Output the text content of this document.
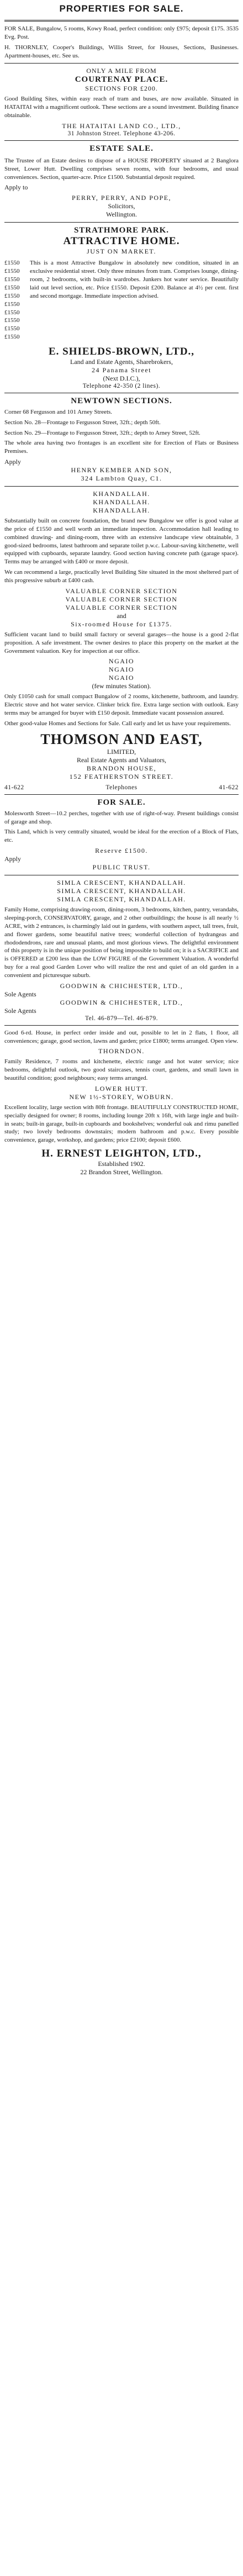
PROPERTIES FOR SALE.

FOR SALE, Bungalow, 5 rooms, Kowy Road, perfect condition: only £975; deposit £175. 3535 Evg. Post.

H. THORNLEY, Cooper's Buildings, Willis Street, for Houses, Sections, Businesses. Apartment-houses, etc. See us.

ONLY A MILE FROM
COURTENAY PLACE.
SECTIONS FOR £200.

Good Building Sites, within easy reach of tram and buses, are now available. Situated in HATAITAI with a magnificent outlook. These sections are a sound investment. Building finance obtainable.

THE HATAITAI LAND CO., LTD.,
31 Johnston Street. Telephone 43-206.
ESTATE SALE.

The Trustee of an Estate desires to dispose of a HOUSE PROPERTY situated at 2 Banglora Street, Lower Hutt. Dwelling comprises seven rooms, with four bedrooms, and usual conveniences. Section, quarter-acre. Price £1500. Substantial deposit required.

Apply to
PERRY, PERRY, AND POPE,
Solicitors,
Wellington.
STRATHMORE PARK.
ATTRACTIVE HOME.
JUST ON MARKET.
£1550
£1550
£1550
£1550
£1550
£1550
£1550
£1550
£1550
£1550

This is a most Attractive Bungalow in absolutely new condition, situated in an exclusive residential street. Only three minutes from tram. Comprises lounge, dining-room, 2 bedrooms, with built-in wardrobes. Junkers hot water service. Beautifully laid out level section, etc. Price £1550. Deposit £200. Balance at 4½ per cent. first and second mortgage. Immediate inspection advised.

E. SHIELDS-BROWN, LTD.,
Land and Estate Agents, Sharebrokers,
24 Panama Street
(Next D.I.C.),
Telephone 42-350 (2 lines).
NEWTOWN SECTIONS.

Corner 68 Fergusson and 101 Arney Streets.

Section No. 28—Frontage to Fergusson Street, 32ft.; depth 50ft.

Section No. 29—Frontage to Fergusson Street, 32ft.; depth to Arney Street, 52ft.

The whole area having two frontages is an excellent site for Erection of Flats or Business Premises.

Apply
HENRY KEMBER AND SON,
324 Lambton Quay, C1.
KHANDALLAH.
KHANDALLAH.
KHANDALLAH.

Substantially built on concrete foundation, the brand new Bungalow we offer is good value at the price of £1550 and well worth an immediate inspection. Accommodation hall leading to combined drawing- and dining-room, three with an extensive landscape view obtainable, 3 good-sized bedrooms, latest bathroom and separate toilet p.w.c. Labour-saving kitchenette, well equipped with cupboards, separate laundry. Good section having concrete path (garage space). Terms may be arranged with £400 or more deposit.

We can recommend a large, practically level Building Site situated in the most sheltered part of this progressive suburb at £400 cash.

VALUABLE CORNER SECTION
VALUABLE CORNER SECTION
VALUABLE CORNER SECTION
and
Six-roomed House for £1375.

Sufficient vacant land to build small factory or several garages—the house is a good 2-flat proposition. A safe investment. The owner desires to place this property on the market at the Government valuation. Key for inspection at our office.

NGAIO
NGAIO
NGAIO
(few minutes Station).

Only £1050 cash for small compact Bungalow of 2 rooms, kitchenette, bathroom, and laundry. Electric stove and hot water service. Clinker brick fire. Extra large section with outlook. Easy terms may be arranged for buyer with £150 deposit. Immediate vacant possession assured.

Other good-value Homes and Sections for Sale. Call early and let us have your requirements.

THOMSON AND EAST,
LIMITED,
Real Estate Agents and Valuators,
BRANDON HOUSE,
152 FEATHERSTON STREET.
41-622	Telephones	41-622
FOR SALE.

Molesworth Street—10.2 perches, together with use of right-of-way. Present buildings consist of garage and shop.

This Land, which is very centrally situated, would be ideal for the erection of a Block of Flats, etc.

Reserve £1500.
Apply
PUBLIC TRUST.
SIMLA CRESCENT, KHANDALLAH.
SIMLA CRESCENT, KHANDALLAH.
SIMLA CRESCENT, KHANDALLAH.

Family Home, comprising drawing-room, dining-room, 3 bedrooms, kitchen, pantry, verandahs, sleeping-porch, CONSERVATORY, garage, and 2 other outbuildings; the house is all nearly ½ ACRE, with 2 entrances, is charmingly laid out in gardens, with southern aspect, tall trees, fruit, and flower gardens, some beautiful native trees; wonderful collection of hydrangeas and rhododendrons, rare and unusual plants, and most glorious views. The delightful environment of this property is in the unique position of being impossible to build on; it is a SACRIFICE and is OFFERED at £200 less than the LOW FIGURE of the Government Valuation. A wonderful buy for a real good Garden Lover who will realize the rest and quiet of an old garden in a convenient and picturesque suburb.

GOODWIN & CHICHESTER, LTD.,
Sole Agents
GOODWIN & CHICHESTER, LTD.,
Sole Agents
Tel. 46-879—Tel. 46-879.

Good 6-rd. House, in perfect order inside and out, possible to let in 2 flats, 1 floor, all conveniences; garage, good section, lawns and garden; price £1800; terms arranged. Open view.

THORNDON.

Family Residence, 7 rooms and kitchenette, electric range and hot water service; nice bedrooms, delightful outlook, two good staircases, tennis court, gardens, and small lawn in beautiful condition; good neighbours; easy terms arranged.

LOWER HUTT.
NEW 1½-STOREY, WOBURN.

Excellent locality, large section with 80ft frontage. BEAUTIFULLY CONSTRUCTED HOME, specially designed for owner; 8 rooms, including lounge 20ft x 16ft, with large ingle and built-in seats; built-in garage, built-in cupboards and bookshelves; wonderful oak and rimu panelled study; two lovely bedrooms downstairs; modern bathroom and p.w.c. Every possible convenience, garage, workshop, and gardens; price £2100; deposit £600.

H. ERNEST LEIGHTON, LTD.,
Established 1902.
22 Brandon Street, Wellington.
